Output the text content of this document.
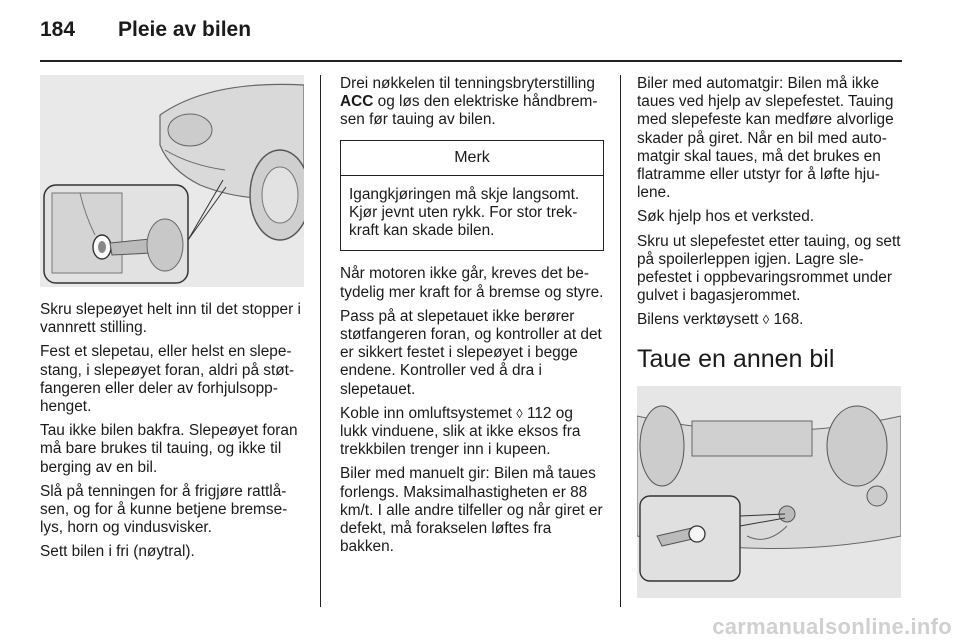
184	Pleie av bilen

Skru slepeøyet helt inn til det stopper i vannrett stilling.

Fest et slepetau, eller helst en slepestang, i slepeøyet foran, aldri på støtfangeren eller deler av forhjulsopphenget.

Tau ikke bilen bakfra. Slepeøyet foran må bare brukes til tauing, og ikke til berging av en bil.

Slå på tenningen for å frigjøre rattlåsen, og for å kunne betjene bremselys, horn og vindusvisker.

Sett bilen i fri (nøytral).

Drei nøkkelen til tenningsbryterstilling ACC og løs den elektriske håndbremsen før tauing av bilen.

Merk
Igangkjøringen må skje langsomt. Kjør jevnt uten rykk. For stor trekkraft kan skade bilen.

Når motoren ikke går, kreves det betydelig mer kraft for å bremse og styre.

Pass på at slepetauet ikke berører støtfangeren foran, og kontroller at det er sikkert festet i slepeøyet i begge endene. Kontroller ved å dra i slepetauet.

Koble inn omluftsystemet ◊ 112 og lukk vinduene, slik at ikke eksos fra trekkbilen trenger inn i kupeen.

Biler med manuelt gir: Bilen må taues forlengs. Maksimalhastigheten er 88 km/t. I alle andre tilfeller og når giret er defekt, må forakselen løftes fra bakken.

Biler med automatgir: Bilen må ikke taues ved hjelp av slepefestet. Tauing med slepefeste kan medføre alvorlige skader på giret. Når en bil med automatgir skal taues, må det brukes en flatramme eller utstyr for å løfte hjulene.

Søk hjelp hos et verksted.

Skru ut slepefestet etter tauing, og sett på spoilerleppen igjen. Lagre slepefestet i oppbevaringsrommet under gulvet i bagasjerommet.

Bilens verktøysett ◊ 168.

Taue en annen bil
carmanualsonline.info
